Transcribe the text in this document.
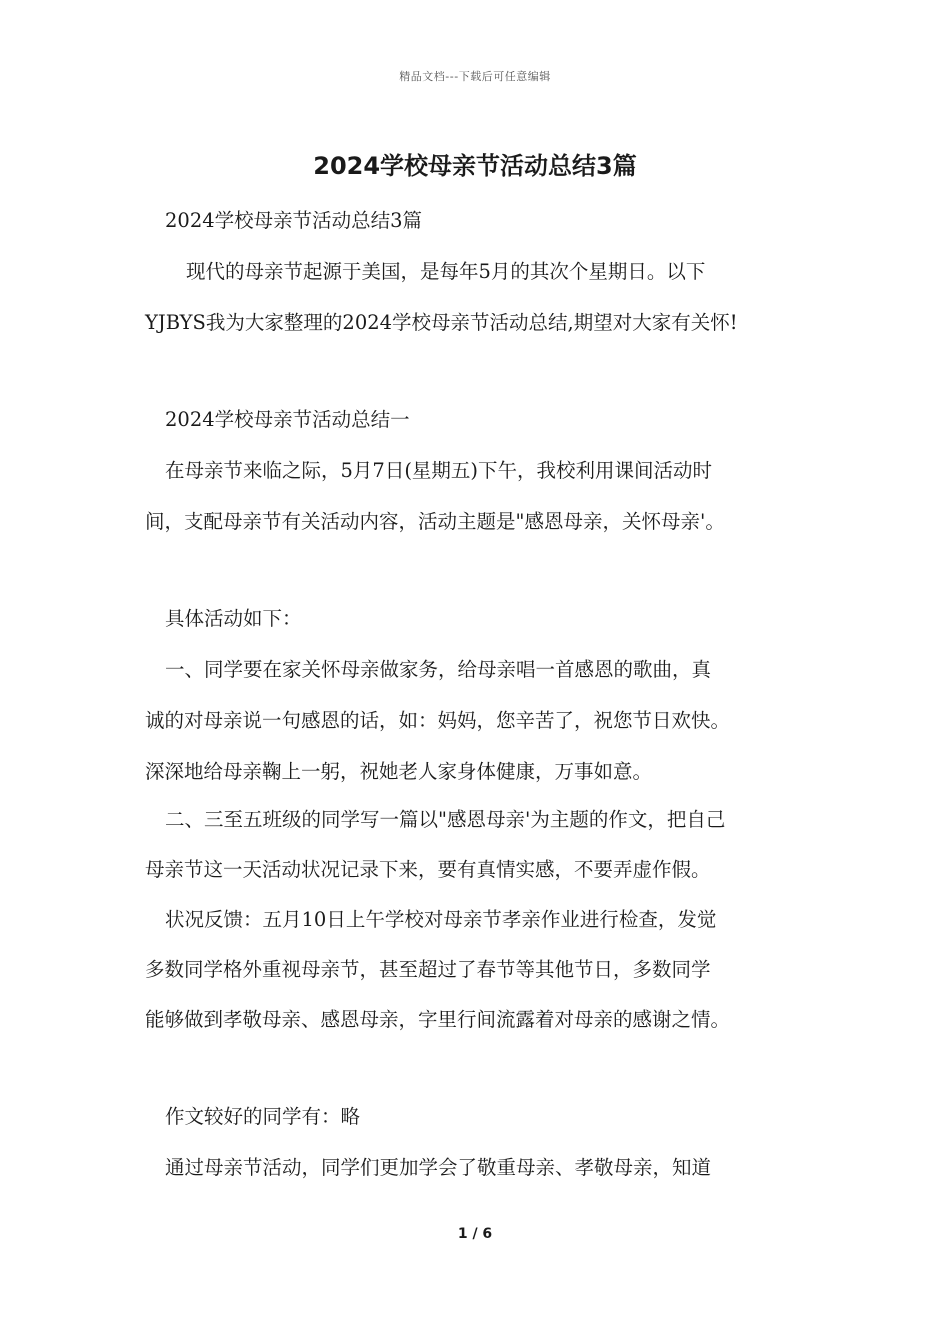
精品文档---下载后可任意编辑
2024学校母亲节活动总结3篇

2024学校母亲节活动总结3篇

现代的母亲节起源于美国，是每年5月的其次个星期日。以下

YJBYS我为大家整理的2024学校母亲节活动总结,期望对大家有关怀!

2024学校母亲节活动总结一

在母亲节来临之际，5月7日(星期五)下午，我校利用课间活动时

间，支配母亲节有关活动内容，活动主题是"感恩母亲，关怀母亲'。

具体活动如下：

一、同学要在家关怀母亲做家务，给母亲唱一首感恩的歌曲，真

诚的对母亲说一句感恩的话，如：妈妈，您辛苦了，祝您节日欢快。

深深地给母亲鞠上一躬，祝她老人家身体健康，万事如意。

二、三至五班级的同学写一篇以"感恩母亲'为主题的作文，把自己

母亲节这一天活动状况记录下来，要有真情实感，不要弄虚作假。

状况反馈：五月10日上午学校对母亲节孝亲作业进行检查，发觉

多数同学格外重视母亲节，甚至超过了春节等其他节日，多数同学

能够做到孝敬母亲、感恩母亲，字里行间流露着对母亲的感谢之情。

作文较好的同学有：略

通过母亲节活动，同学们更加学会了敬重母亲、孝敬母亲，知道

1 / 6
